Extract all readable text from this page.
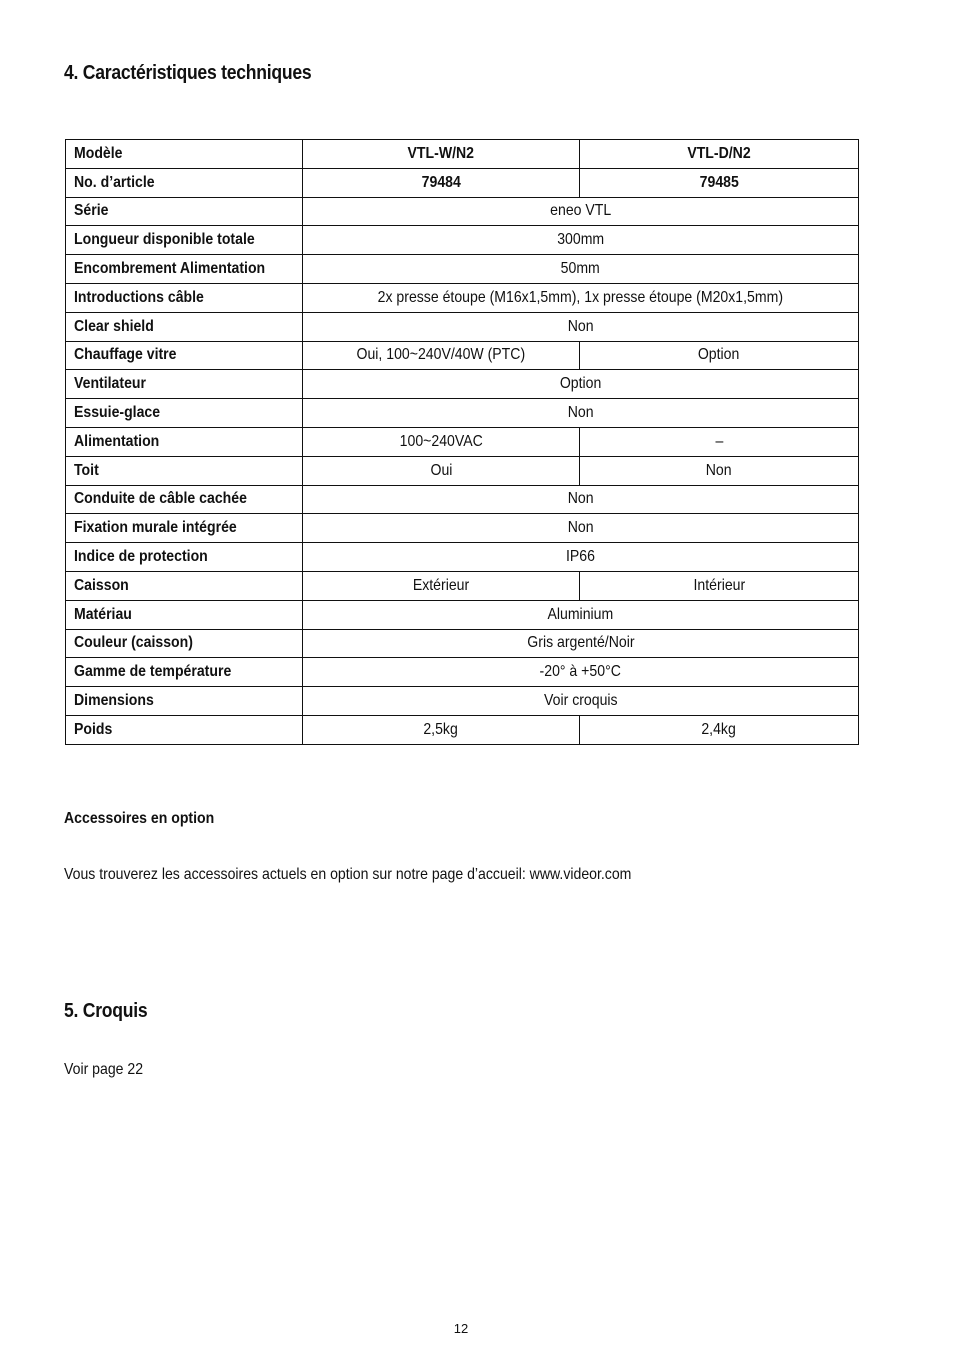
4. Caractéristiques techniques
Modèle	VTL-W/N2	VTL-D/N2
No. d’article	79484	79485
Série	eneo VTL	
Longueur disponible totale	300mm	
Encombrement Alimentation	50mm	
Introductions câble	2x presse étoupe (M16x1,5mm), 1x presse étoupe (M20x1,5mm)	
Clear shield	Non	
Chauffage vitre	Oui, 100~240V/40W (PTC)	Option
Ventilateur	Option	
Essuie-glace	Non	
Alimentation	100~240VAC	–
Toit	Oui	Non
Conduite de câble cachée	Non	
Fixation murale intégrée	Non	
Indice de protection	IP66	
Caisson	Extérieur	Intérieur
Matériau	Aluminium	
Couleur (caisson)	Gris argenté/Noir	
Gamme de température	-20° à +50°C	
Dimensions	Voir croquis	
Poids	2,5kg	2,4kg
Accessoires en option
Vous trouverez les accessoires actuels en option sur notre page d’accueil: www.videor.com
5. Croquis
Voir page 22
12
